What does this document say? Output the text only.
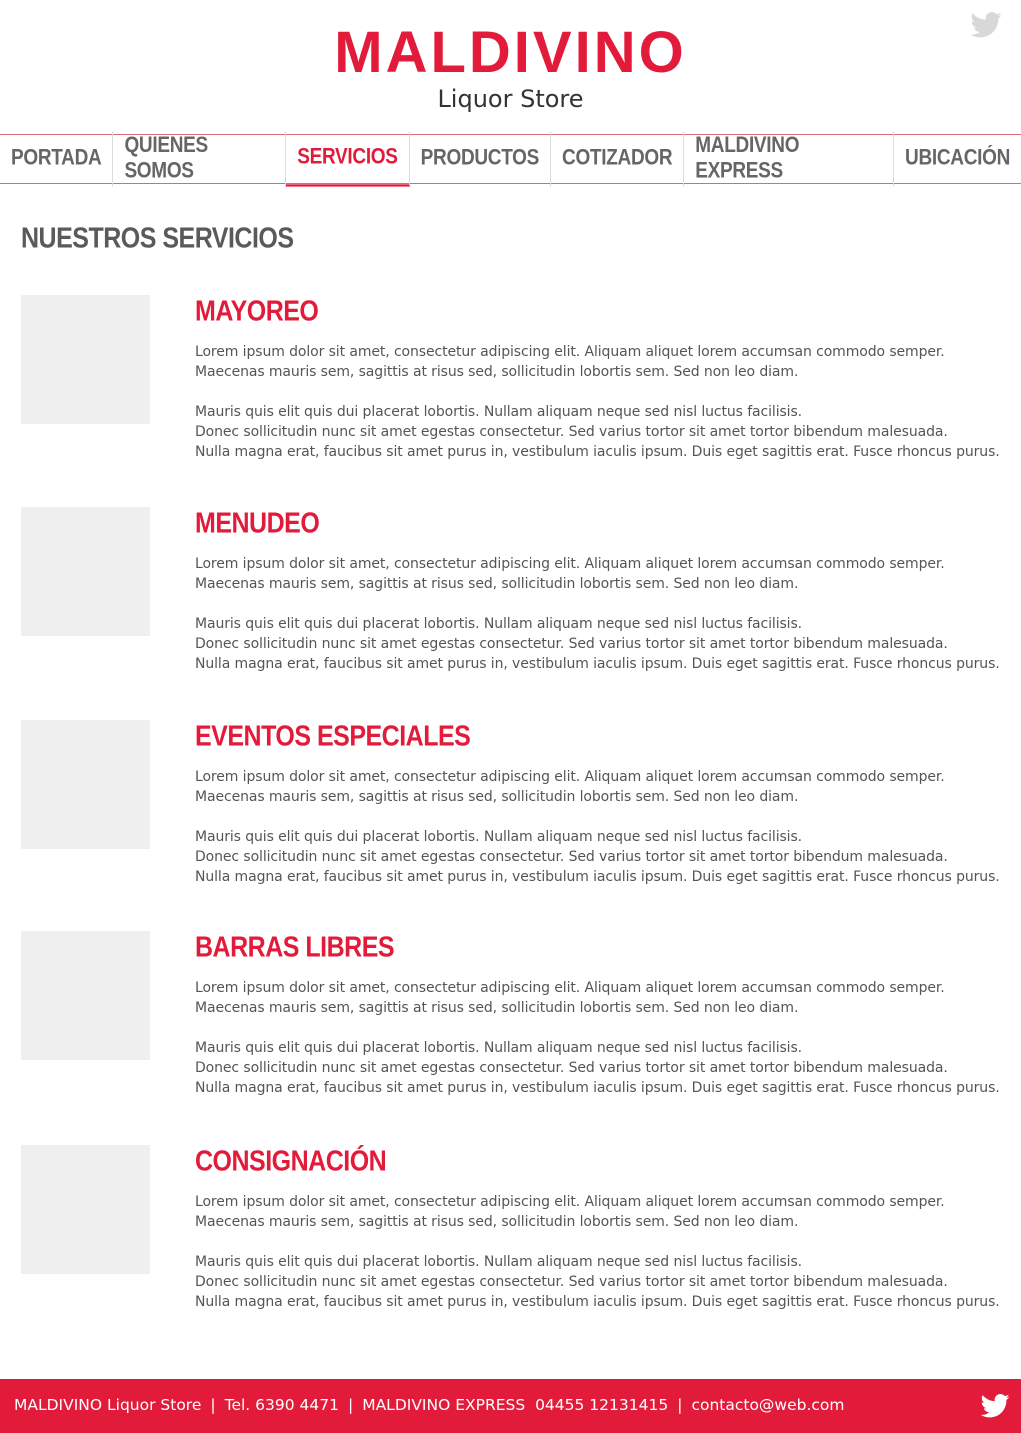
MALDIVINO
Liquor Store
PORTADA
QUIENES SOMOS
SERVICIOS	PRODUCTOS	COTIZADOR
MALDIVINO EXPRESS
UBICACIÓN
NUESTROS SERVICIOS
MAYOREO
Lorem ipsum dolor sit amet, consectetur adipiscing elit. Aliquam aliquet lorem accumsan commodo semper.
Maecenas mauris sem, sagittis at risus sed, sollicitudin lobortis sem. Sed non leo diam.
Mauris quis elit quis dui placerat lobortis. Nullam aliquam neque sed nisl luctus facilisis.
Donec sollicitudin nunc sit amet egestas consectetur. Sed varius tortor sit amet tortor bibendum malesuada.
Nulla magna erat, faucibus sit amet purus in, vestibulum iaculis ipsum. Duis eget sagittis erat. Fusce rhoncus purus.
MENUDEO
Lorem ipsum dolor sit amet, consectetur adipiscing elit. Aliquam aliquet lorem accumsan commodo semper.
Maecenas mauris sem, sagittis at risus sed, sollicitudin lobortis sem. Sed non leo diam.
Mauris quis elit quis dui placerat lobortis. Nullam aliquam neque sed nisl luctus facilisis.
Donec sollicitudin nunc sit amet egestas consectetur. Sed varius tortor sit amet tortor bibendum malesuada.
Nulla magna erat, faucibus sit amet purus in, vestibulum iaculis ipsum. Duis eget sagittis erat. Fusce rhoncus purus.
EVENTOS ESPECIALES
Lorem ipsum dolor sit amet, consectetur adipiscing elit. Aliquam aliquet lorem accumsan commodo semper.
Maecenas mauris sem, sagittis at risus sed, sollicitudin lobortis sem. Sed non leo diam.
Mauris quis elit quis dui placerat lobortis. Nullam aliquam neque sed nisl luctus facilisis.
Donec sollicitudin nunc sit amet egestas consectetur. Sed varius tortor sit amet tortor bibendum malesuada.
Nulla magna erat, faucibus sit amet purus in, vestibulum iaculis ipsum. Duis eget sagittis erat. Fusce rhoncus purus.
BARRAS LIBRES
Lorem ipsum dolor sit amet, consectetur adipiscing elit. Aliquam aliquet lorem accumsan commodo semper.
Maecenas mauris sem, sagittis at risus sed, sollicitudin lobortis sem. Sed non leo diam.
Mauris quis elit quis dui placerat lobortis. Nullam aliquam neque sed nisl luctus facilisis.
Donec sollicitudin nunc sit amet egestas consectetur. Sed varius tortor sit amet tortor bibendum malesuada.
Nulla magna erat, faucibus sit amet purus in, vestibulum iaculis ipsum. Duis eget sagittis erat. Fusce rhoncus purus.
CONSIGNACIÓN
Lorem ipsum dolor sit amet, consectetur adipiscing elit. Aliquam aliquet lorem accumsan commodo semper.
Maecenas mauris sem, sagittis at risus sed, sollicitudin lobortis sem. Sed non leo diam.
Mauris quis elit quis dui placerat lobortis. Nullam aliquam neque sed nisl luctus facilisis.
Donec sollicitudin nunc sit amet egestas consectetur. Sed varius tortor sit amet tortor bibendum malesuada.
Nulla magna erat, faucibus sit amet purus in, vestibulum iaculis ipsum. Duis eget sagittis erat. Fusce rhoncus purus.
MALDIVINO Liquor Store | Tel. 6390 4471 | MALDIVINO EXPRESS  04455 12131415 | contacto@web.com
